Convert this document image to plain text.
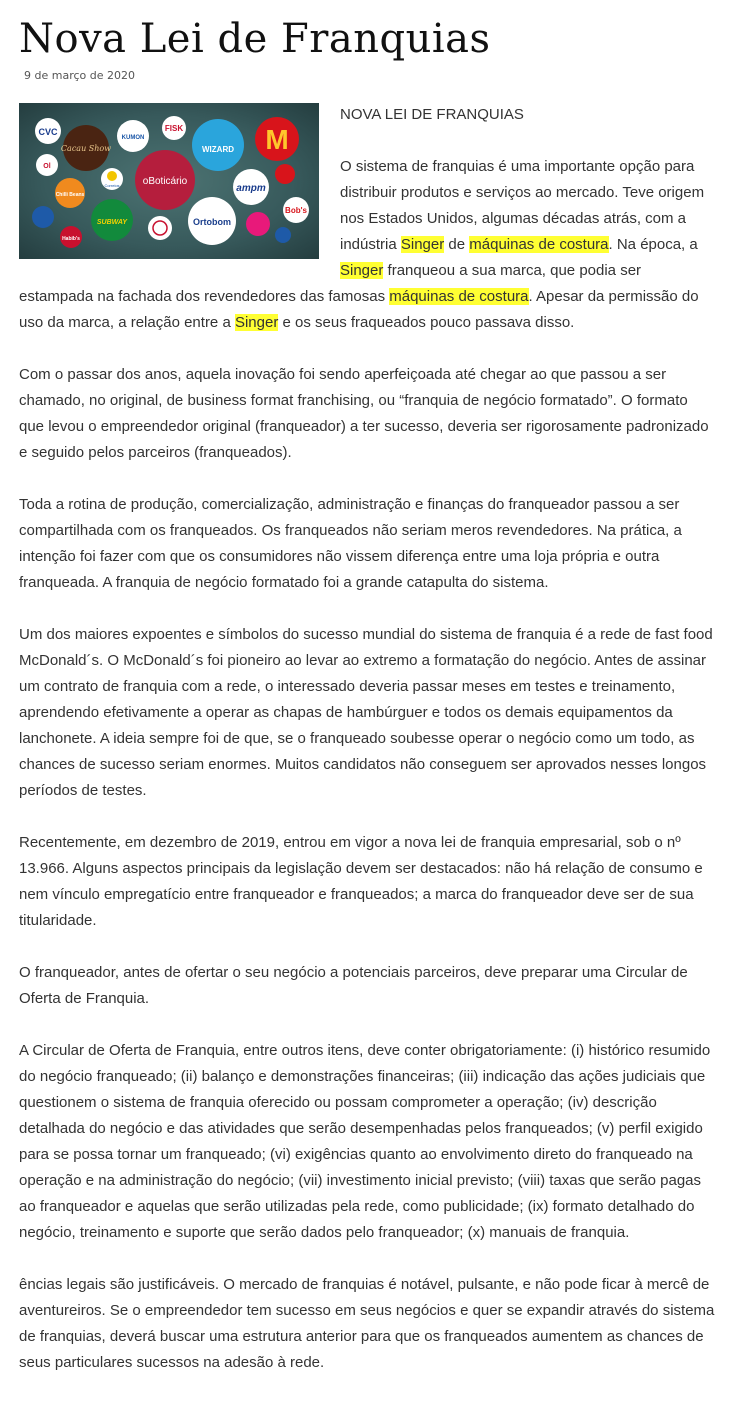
Nova Lei de Franquias
9 de março de 2020
CVC
Cacau Show
KUMON
FISK
WIZARD M
Ol
oBoticário
Chilli Beans
Correios	ampm
Bob's
SUBWAY
Habib's
Ortobom

NOVA LEI DE FRANQUIAS

O sistema de franquias é uma importante opção para distribuir produtos e serviços ao mercado. Teve origem nos Estados Unidos, algumas décadas atrás, com a indústria Singer de máquinas de costura. Na época, a Singer franqueou a sua marca, que podia ser estampada na fachada dos revendedores das famosas máquinas de costura. Apesar da permissão do uso da marca, a relação entre a Singer e os seus fraqueados pouco passava disso.

Com o passar dos anos, aquela inovação foi sendo aperfeiçoada até chegar ao que passou a ser chamado, no original, de business format franchising, ou “franquia de negócio formatado”. O formato que levou o empreendedor original (franqueador) a ter sucesso, deveria ser rigorosamente padronizado e seguido pelos parceiros (franqueados).

Toda a rotina de produção, comercialização, administração e finanças do franqueador passou a ser compartilhada com os franqueados. Os franqueados não seriam meros revendedores. Na prática, a intenção foi fazer com que os consumidores não vissem diferença entre uma loja própria e outra franqueada. A franquia de negócio formatado foi a grande catapulta do sistema.

Um dos maiores expoentes e símbolos do sucesso mundial do sistema de franquia é a rede de fast food McDonald´s. O McDonald´s foi pioneiro ao levar ao extremo a formatação do negócio. Antes de assinar um contrato de franquia com a rede, o interessado deveria passar meses em testes e treinamento, aprendendo efetivamente a operar as chapas de hambúrguer e todos os demais equipamentos da lanchonete. A ideia sempre foi de que, se o franqueado soubesse operar o negócio como um todo, as chances de sucesso seriam enormes. Muitos candidatos não conseguem ser aprovados nesses longos períodos de testes.

Recentemente, em dezembro de 2019, entrou em vigor a nova lei de franquia empresarial, sob o nº 13.966. Alguns aspectos principais da legislação devem ser destacados: não há relação de consumo e nem vínculo empregatício entre franqueador e franqueados; a marca do franqueador deve ser de sua titularidade.

O franqueador, antes de ofertar o seu negócio a potenciais parceiros, deve preparar uma Circular de Oferta de Franquia.

A Circular de Oferta de Franquia, entre outros itens, deve conter obrigatoriamente: (i) histórico resumido do negócio franqueado; (ii) balanço e demonstrações financeiras; (iii) indicação das ações judiciais que questionem o sistema de franquia oferecido ou possam comprometer a operação; (iv) descrição detalhada do negócio e das atividades que serão desempenhadas pelos franqueados; (v) perfil exigido para se possa tornar um franqueado; (vi) exigências quanto ao envolvimento direto do franqueado na operação e na administração do negócio; (vii) investimento inicial previsto; (viii) taxas que serão pagas ao franqueador e aquelas que serão utilizadas pela rede, como publicidade; (ix) formato detalhado do negócio, treinamento e suporte que serão dados pelo franqueador; (x) manuais de franquia.

ências legais são justificáveis. O mercado de franquias é notável, pulsante, e não pode ficar à mercê de aventureiros. Se o empreendedor tem sucesso em seus negócios e quer se expandir através do sistema de franquias, deverá buscar uma estrutura anterior para que os franqueados aumentem as chances de seus particulares sucessos na adesão à rede.
